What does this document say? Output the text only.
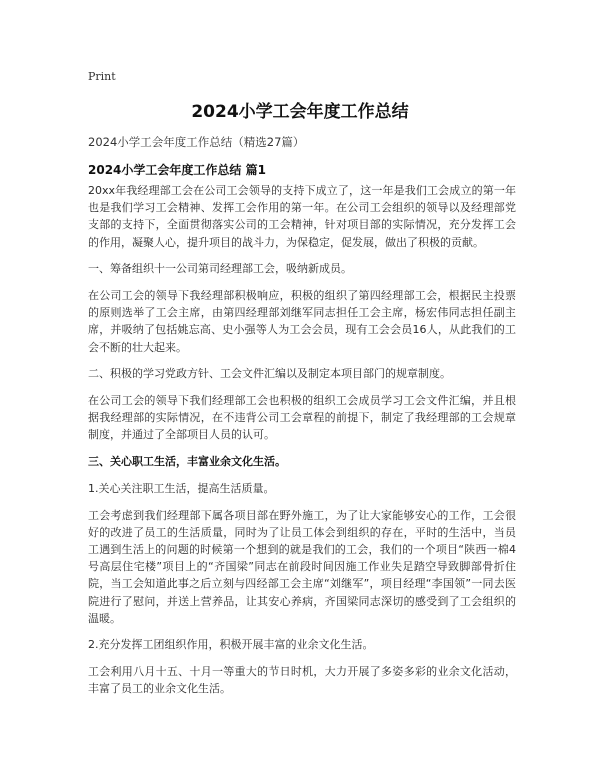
Print
2024小学工会年度工作总结
2024小学工会年度工作总结（精选27篇）
2024小学工会年度工作总结 篇1

20xx年我经理部工会在公司工会领导的支持下成立了，这一年是我们工会成立的第一年也是我们学习工会精神、发挥工会作用的第一年。在公司工会组织的领导以及经理部党支部的支持下，全面贯彻落实公司的工会精神，针对项目部的实际情况，充分发挥工会的作用，凝聚人心，提升项目的战斗力，为保稳定，促发展，做出了积极的贡献。

一、筹备组织十一公司第司经理部工会，吸纳新成员。

在公司工会的领导下我经理部积极响应，积极的组织了第四经理部工会，根据民主投票的原则选举了工会主席，由第四经理部刘继军同志担任工会主席，杨宏伟同志担任副主席，并吸纳了包括姚忘高、史小强等人为工会会员，现有工会会员16人，从此我们的工会不断的壮大起来。

二、积极的学习党政方针、工会文件汇编以及制定本项目部门的规章制度。

在公司工会的领导下我们经理部工会也积极的组织工会成员学习工会文件汇编，并且根据我经理部的实际情况，在不违背公司工会章程的前提下，制定了我经理部的工会规章制度，并通过了全部项目人员的认可。

三、关心职工生活，丰富业余文化生活。

1.关心关注职工生活，提高生活质量。

工会考虑到我们经理部下属各项目部在野外施工，为了让大家能够安心的工作，工会很好的改进了员工的生活质量，同时为了让员工体会到组织的存在，平时的生活中，当员工遇到生活上的问题的时候第一个想到的就是我们的工会，我们的一个项目“陕西一棉4号高层住宅楼”项目上的“齐国梁”同志在前段时间因施工作业失足踏空导致脚部骨折住院，当工会知道此事之后立刻与四经部工会主席“刘继军”，项目经理“李国领”一同去医院进行了慰问，并送上营养品，让其安心养病，齐国梁同志深切的感受到了工会组织的温暖。

2.充分发挥工团组织作用，积极开展丰富的业余文化生活。

工会利用八月十五、十月一等重大的节日时机，大力开展了多姿多彩的业余文化活动，丰富了员工的业余文化生活。
